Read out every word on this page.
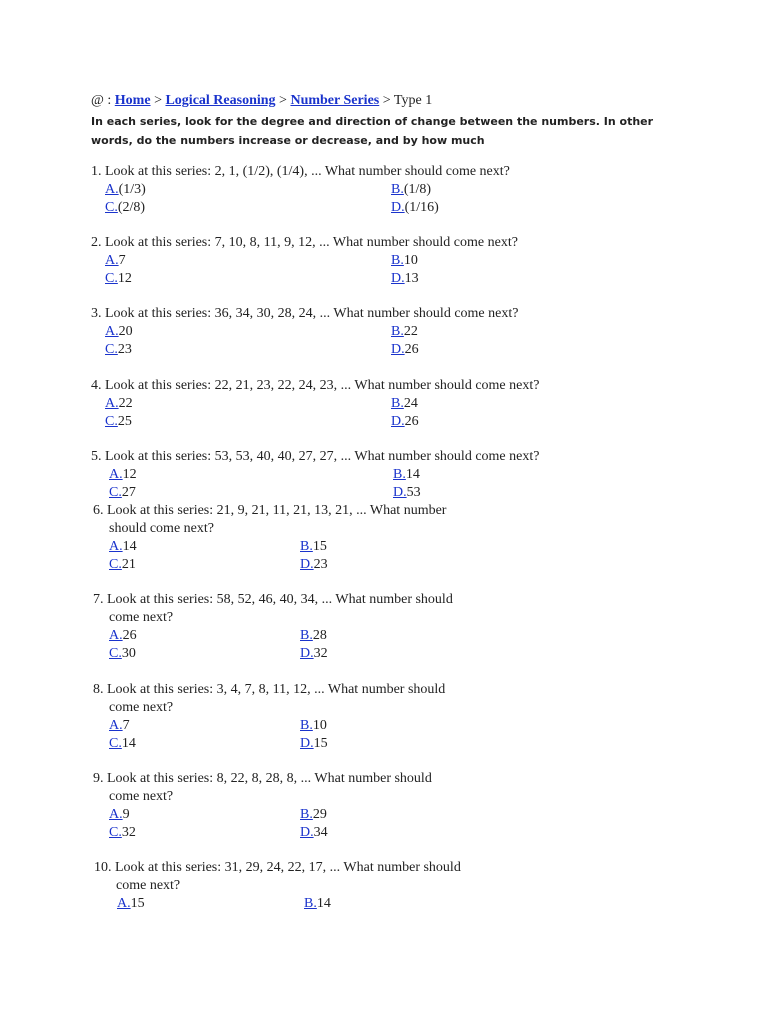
@ : Home > Logical Reasoning > Number Series > Type 1
In each series, look for the degree and direction of change between the numbers. In other words, do the numbers increase or decrease, and by how much
1. Look at this series: 2, 1, (1/2), (1/4), ... What number should come next?
A.(1/3)	B.(1/8)
C.(2/8)	D.(1/16)
2. Look at this series: 7, 10, 8, 11, 9, 12, ... What number should come next?
A.7	B.10
C.12	D.13
3. Look at this series: 36, 34, 30, 28, 24, ... What number should come next?
A.20	B.22
C.23	D.26
4. Look at this series: 22, 21, 23, 22, 24, 23, ... What number should come next?
A.22	B.24
C.25	D.26
5. Look at this series: 53, 53, 40, 40, 27, 27, ... What number should come next?
A.12	B.14
C.27	D.53
6. Look at this series: 21, 9, 21, 11, 21, 13, 21, ... What number
should come next?
A.14	B.15
C.21	D.23
7. Look at this series: 58, 52, 46, 40, 34, ... What number should
come next?
A.26	B.28
C.30	D.32
8. Look at this series: 3, 4, 7, 8, 11, 12, ... What number should
come next?
A.7	B.10
C.14	D.15
9. Look at this series: 8, 22, 8, 28, 8, ... What number should
come next?
A.9	B.29
C.32	D.34
10. Look at this series: 31, 29, 24, 22, 17, ... What number should
come next?
A.15	B.14
